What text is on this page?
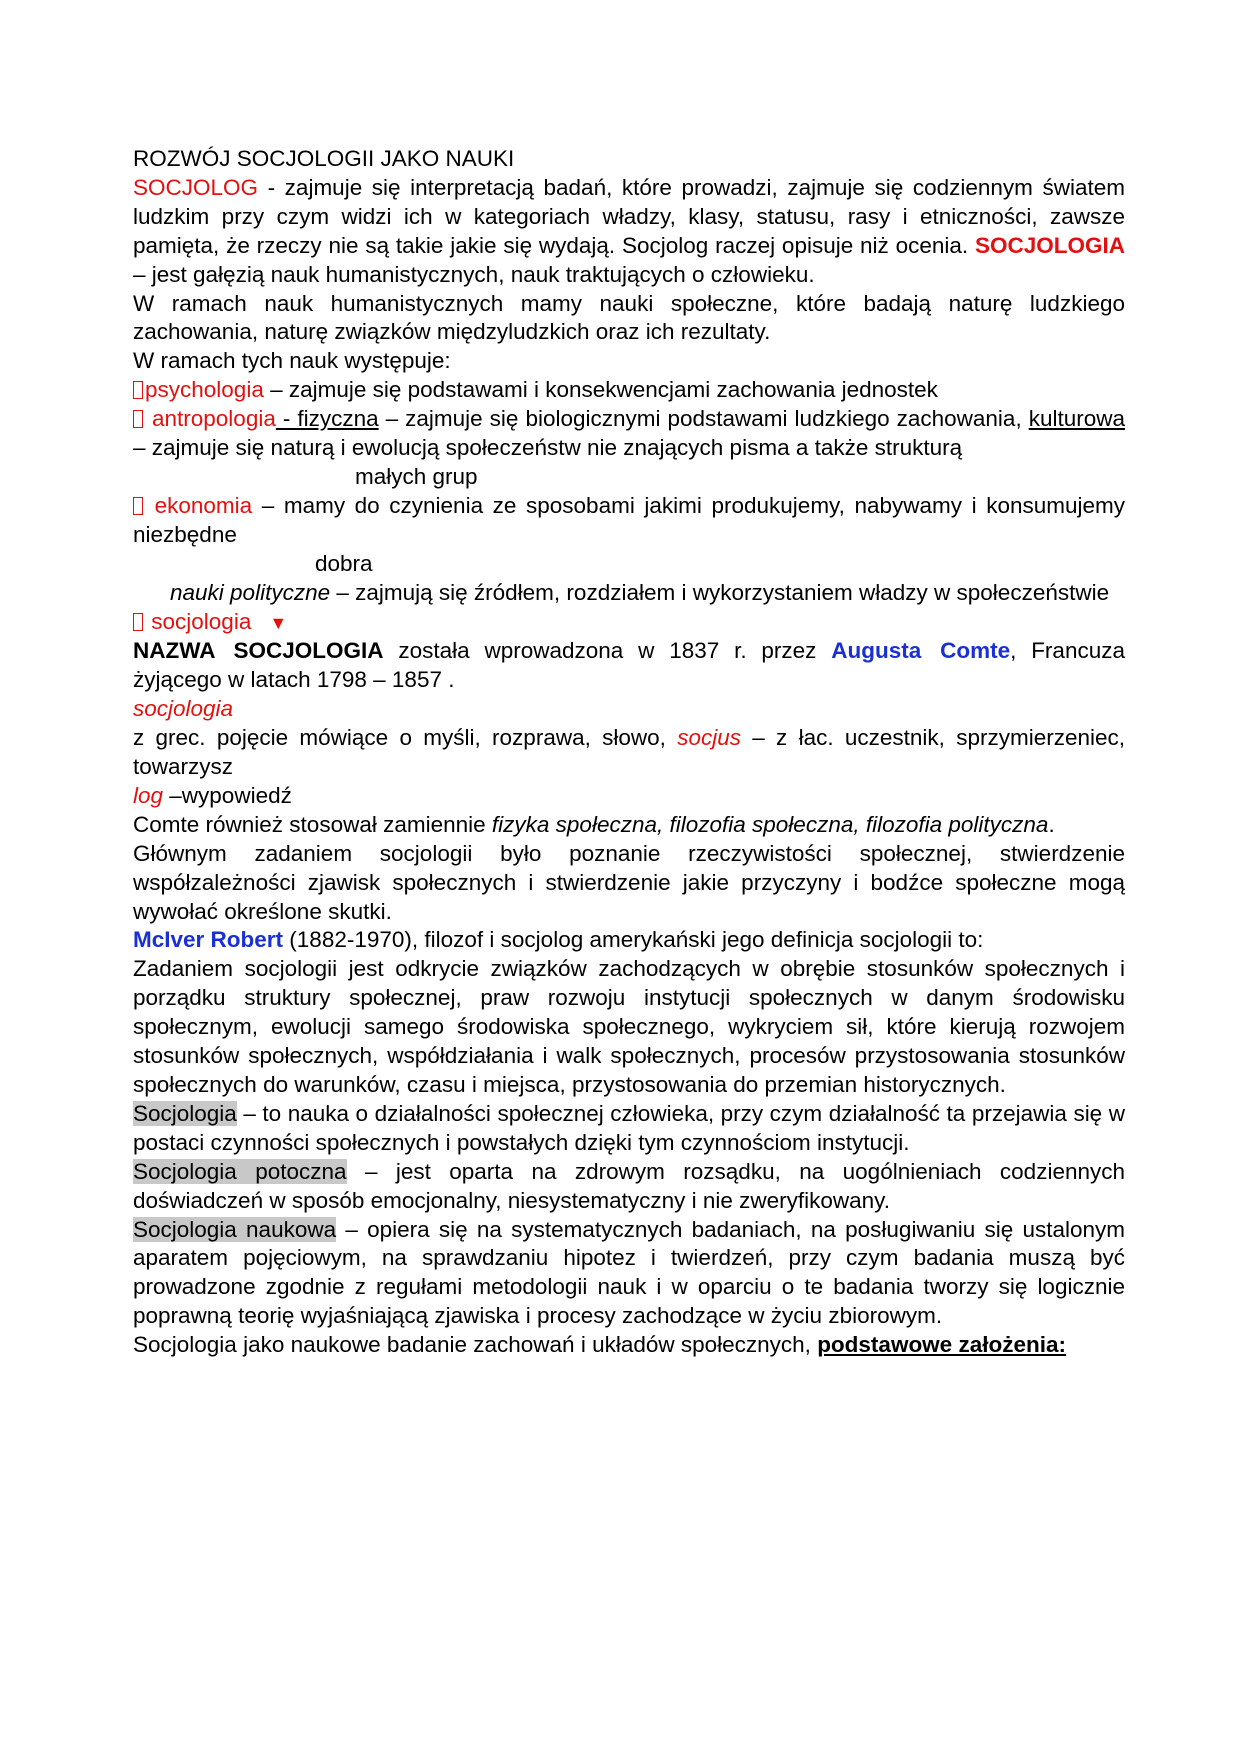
ROZWÓJ SOCJOLOGII JAKO NAUKI

SOCJOLOG - zajmuje się interpretacją badań, które prowadzi, zajmuje się codziennym światem ludzkim przy czym widzi ich w kategoriach władzy, klasy, statusu, rasy i etniczności, zawsze pamięta, że rzeczy nie są takie jakie się wydają. Socjolog raczej opisuje niż ocenia. SOCJOLOGIA – jest gałęzią nauk humanistycznych, nauk traktujących o człowieku.

W ramach nauk humanistycznych mamy nauki społeczne, które badają naturę ludzkiego zachowania, naturę związków międzyludzkich oraz ich rezultaty.

W ramach tych nauk występuje:

psychologia – zajmuje się podstawami i konsekwencjami zachowania jednostek

antropologia - fizyczna – zajmuje się biologicznymi podstawami ludzkiego zachowania, kulturowa – zajmuje się naturą i ewolucją społeczeństw nie znających pisma a także strukturą

małych grup

ekonomia – mamy do czynienia ze sposobami jakimi produkujemy, nabywamy i konsumujemy niezbędne

dobra

nauki polityczne – zajmują się źródłem, rozdziałem i wykorzystaniem władzy w społeczeństwie

socjologia ▼

NAZWA SOCJOLOGIA została wprowadzona w 1837 r. przez Augusta Comte, Francuza żyjącego w latach 1798 – 1857 .

socjologia

z grec. pojęcie mówiące o myśli, rozprawa, słowo, socjus – z łac. uczestnik, sprzymierzeniec, towarzysz

log –wypowiedź

Comte również stosował zamiennie fizyka społeczna, filozofia społeczna, filozofia polityczna.

Głównym zadaniem socjologii było poznanie rzeczywistości społecznej, stwierdzenie współzależności zjawisk społecznych i stwierdzenie jakie przyczyny i bodźce społeczne mogą wywołać określone skutki.

McIver Robert (1882-1970), filozof i socjolog amerykański jego definicja socjologii to:

Zadaniem socjologii jest odkrycie związków zachodzących w obrębie stosunków społecznych i porządku struktury społecznej, praw rozwoju instytucji społecznych w danym środowisku społecznym, ewolucji samego środowiska społecznego, wykryciem sił, które kierują rozwojem stosunków społecznych, współdziałania i walk społecznych, procesów przystosowania stosunków społecznych do warunków, czasu i miejsca, przystosowania do przemian historycznych.

Socjologia – to nauka o działalności społecznej człowieka, przy czym działalność ta przejawia się w postaci czynności społecznych i powstałych dzięki tym czynnościom instytucji.

Socjologia potoczna – jest oparta na zdrowym rozsądku, na uogólnieniach codziennych doświadczeń w sposób emocjonalny, niesystematyczny i nie zweryfikowany.

Socjologia naukowa – opiera się na systematycznych badaniach, na posługiwaniu się ustalonym aparatem pojęciowym, na sprawdzaniu hipotez i twierdzeń, przy czym badania muszą być prowadzone zgodnie z regułami metodologii nauk i w oparciu o te badania tworzy się logicznie poprawną teorię wyjaśniającą zjawiska i procesy zachodzące w życiu zbiorowym.

Socjologia jako naukowe badanie zachowań i układów społecznych, podstawowe założenia:
